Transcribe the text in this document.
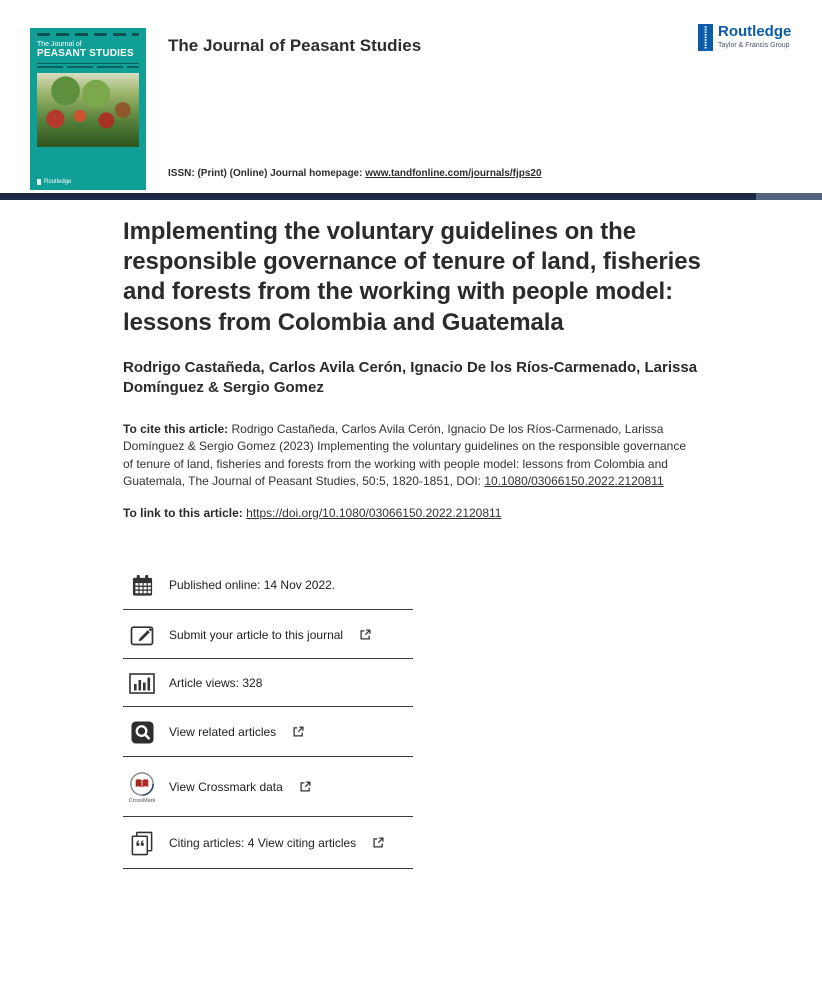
The Journal of
PEASANT STUDIES
Routledge
The Journal of Peasant Studies
ISSN: (Print) (Online) Journal homepage: www.tandfonline.com/journals/fjps20
Routledge
Taylor & Francis Group
Implementing the voluntary guidelines on the responsible governance of tenure of land, fisheries and forests from the working with people model: lessons from Colombia and Guatemala

Rodrigo Castañeda, Carlos Avila Cerón, Ignacio De los Ríos-Carmenado, Larissa Domínguez & Sergio Gomez

To cite this article: Rodrigo Castañeda, Carlos Avila Cerón, Ignacio De los Ríos-Carmenado, Larissa Domínguez & Sergio Gomez (2023) Implementing the voluntary guidelines on the responsible governance of tenure of land, fisheries and forests from the working with people model: lessons from Colombia and Guatemala, The Journal of Peasant Studies, 50:5, 1820-1851, DOI: 10.1080/03066150.2022.2120811

To link to this article: https://doi.org/10.1080/03066150.2022.2120811

Published online: 14 Nov 2022.
Submit your article to this journal
Article views: 328
View related articles
CrossMark
View Crossmark data
Citing articles: 4 View citing articles
